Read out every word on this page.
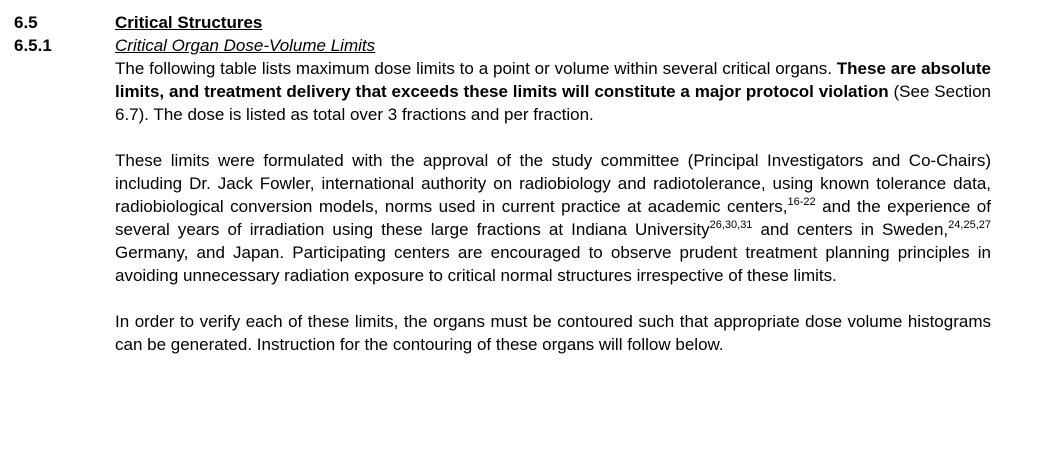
6.5	Critical Structures
6.5.1	Critical Organ Dose-Volume Limits

The following table lists maximum dose limits to a point or volume within several critical organs. These are absolute limits, and treatment delivery that exceeds these limits will constitute a major protocol violation (See Section 6.7). The dose is listed as total over 3 fractions and per fraction.

These limits were formulated with the approval of the study committee (Principal Investigators and Co-Chairs) including Dr. Jack Fowler, international authority on radiobiology and radiotolerance, using known tolerance data, radiobiological conversion models, norms used in current practice at academic centers,$^{16-22}$ and the experience of several years of irradiation using these large fractions at Indiana University$^{26,30,31}$ and centers in Sweden,$^{24,25,27}$ Germany, and Japan. Participating centers are encouraged to observe prudent treatment planning principles in avoiding unnecessary radiation exposure to critical normal structures irrespective of these limits.

In order to verify each of these limits, the organs must be contoured such that appropriate dose volume histograms can be generated. Instruction for the contouring of these organs will follow below.
